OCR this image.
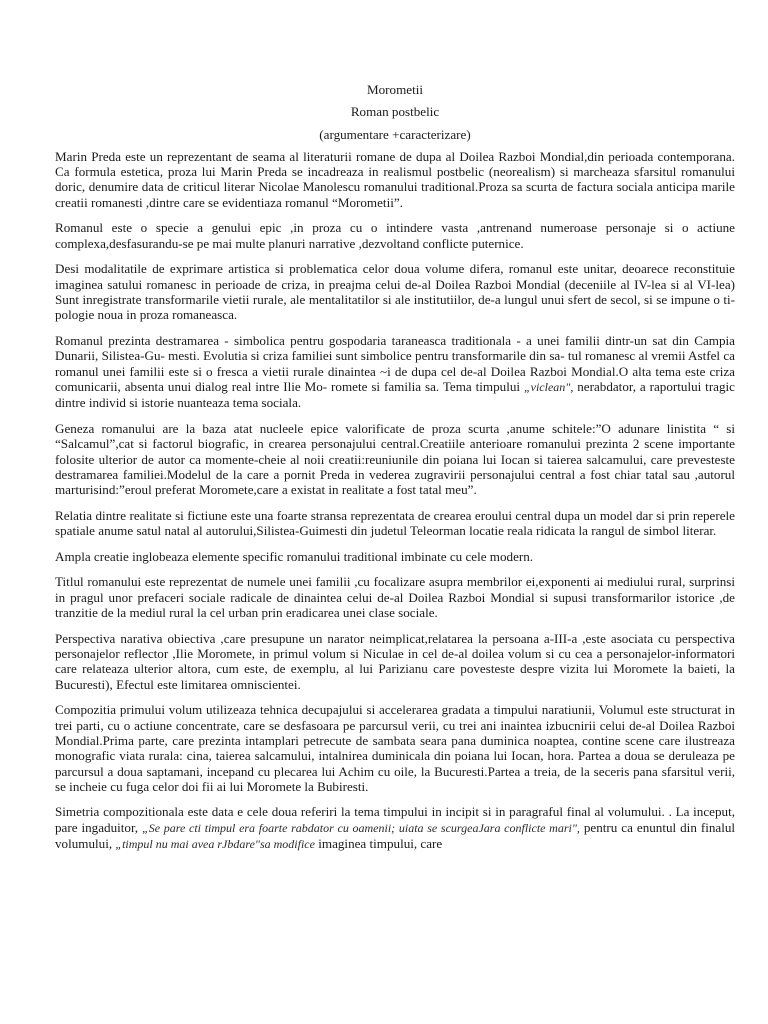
Morometii

Roman postbelic

(argumentare +caracterizare)

Marin Preda este un reprezentant de seama al literaturii romane de dupa al Doilea Razboi Mondial,din perioada contemporana. Ca formula estetica, proza lui Marin Preda se incadreaza in realismul postbelic (neorealism) si marcheaza sfarsitul romanului doric, denumire data de criticul literar Nicolae Manolescu romanului traditional.Proza sa scurta de factura sociala anticipa marile creatii romanesti ,dintre care se evidentiaza romanul “Morometii”.

Romanul este o specie a genului epic ,in proza cu o intindere vasta ,antrenand numeroase personaje si o actiune complexa,desfasurandu-se pe mai multe planuri narrative ,dezvoltand conflicte puternice.

Desi modalitatile de exprimare artistica si problematica celor doua volume difera, romanul este unitar, deoarece reconstituie imaginea satului romanesc in perioade de criza, in preajma celui de-al Doilea Razboi Mondial (deceniile al IV-lea si al VI-lea) Sunt inregistrate transformarile vietii rurale, ale mentalitatilor si ale institutiilor, de-a lungul unui sfert de secol, si se impune o ti- pologie noua in proza romaneasca.

Romanul prezinta destramarea - simbolica pentru gospodaria taraneasca traditionala - a unei familii dintr-un sat din Campia Dunarii, Silistea-Gu- mesti. Evolutia si criza familiei sunt simbolice pentru transformarile din sa- tul romanesc al vremii Astfel ca romanul unei familii este si o fresca a vietii rurale dinaintea ~i de dupa cel de-al Doilea Razboi Mondial.O alta tema este criza comunicarii, absenta unui dialog real intre Ilie Mo- romete si familia sa. Tema timpului „viclean", nerabdator, a raportului tragic dintre individ si istorie nuanteaza tema sociala.

Geneza romanului are la baza atat nucleele epice valorificate de proza scurta ,anume schitele:”O adunare linistita “ si “Salcamul”,cat si factorul biografic, in crearea personajului central.Creatiile anterioare romanului prezinta 2 scene importante folosite ulterior de autor ca momente-cheie al noii creatii:reuniunile din poiana lui Iocan si taierea salcamului, care prevesteste destramarea familiei.Modelul de la care a pornit Preda in vederea zugravirii personajului central a fost chiar tatal sau ,autorul marturisind:”eroul preferat Moromete,care a existat in realitate a fost tatal meu”.

Relatia dintre realitate si fictiune este una foarte stransa reprezentata de crearea eroului central dupa un model dar si prin reperele spatiale anume satul natal al autorului,Silistea-Guimesti din judetul Teleorman locatie reala ridicata la rangul de simbol literar.

Ampla creatie inglobeaza elemente specific romanului traditional imbinate cu cele modern.

Titlul romanului este reprezentat de numele unei familii ,cu focalizare asupra membrilor ei,exponenti ai mediului rural, surprinsi in pragul unor prefaceri sociale radicale de dinaintea celui de-al Doilea Razboi Mondial si supusi transformarilor istorice ,de tranzitie de la mediul rural la cel urban prin eradicarea unei clase sociale.

Perspectiva narativa obiectiva ,care presupune un narator neimplicat,relatarea la persoana a-III-a ,este asociata cu perspectiva personajelor reflector ,Ilie Moromete, in primul volum si Niculae in cel de-al doilea volum si cu cea a personajelor-informatori care relateaza ulterior altora, cum este, de exemplu, al lui Parizianu care povesteste despre vizita lui Moromete la baieti, la Bucuresti), Efectul este limitarea omniscientei.

Compozitia primului volum utilizeaza tehnica decupajului si accelerarea gradata a timpului naratiunii, Volumul este structurat in trei parti, cu o actiune concentrate, care se desfasoara pe parcursul verii, cu trei ani inaintea izbucnirii celui de-al Doilea Razboi Mondial.Prima parte, care prezinta intamplari petrecute de sambata seara pana duminica noaptea, contine scene care ilustreaza monografic viata rurala: cina, taierea salcamului, intalnirea duminicala din poiana lui Iocan, hora. Partea a doua se deruleaza pe parcursul a doua saptamani, incepand cu plecarea lui Achim cu oile, la Bucuresti.Partea a treia, de la seceris pana sfarsitul verii, se incheie cu fuga celor doi fii ai lui Moromete la Bubiresti.

Simetria compozitionala este data e cele doua referiri la tema timpului in incipit si in paragraful final al volumului. . La inceput, pare ingaduitor, „Se pare cti timpul era foarte rabdator cu oamenii; uiata se scurgeaJara conflicte mari", pentru ca enuntul din finalul volumului, „timpul nu mai avea rJbdare"sa modifice imaginea timpului, care
